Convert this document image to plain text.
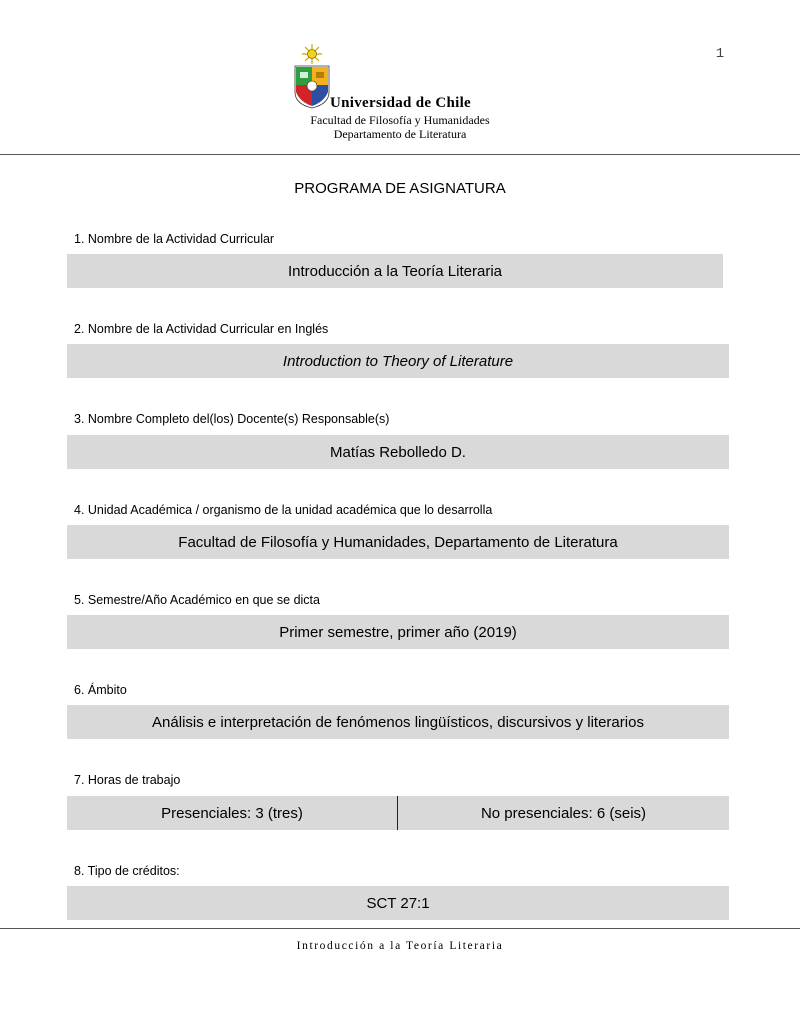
1
Universidad de Chile
Facultad de Filosofía y Humanidades
Departamento de Literatura
PROGRAMA DE ASIGNATURA
1. Nombre de la Actividad Curricular
Introducción a la Teoría Literaria
2. Nombre de la Actividad Curricular en Inglés
Introduction to Theory of Literature
3. Nombre Completo del(los) Docente(s) Responsable(s)
Matías Rebolledo D.
4. Unidad Académica / organismo de la unidad académica que lo desarrolla
Facultad de Filosofía y Humanidades, Departamento de Literatura
5. Semestre/Año Académico en que se dicta
Primer semestre, primer año (2019)
6. Ámbito
Análisis e interpretación de fenómenos lingüísticos, discursivos y literarios
7. Horas de trabajo
Presenciales: 3 (tres)	No presenciales: 6 (seis)
8. Tipo de créditos:
SCT 27:1
Introducción a la Teoría Literaria
